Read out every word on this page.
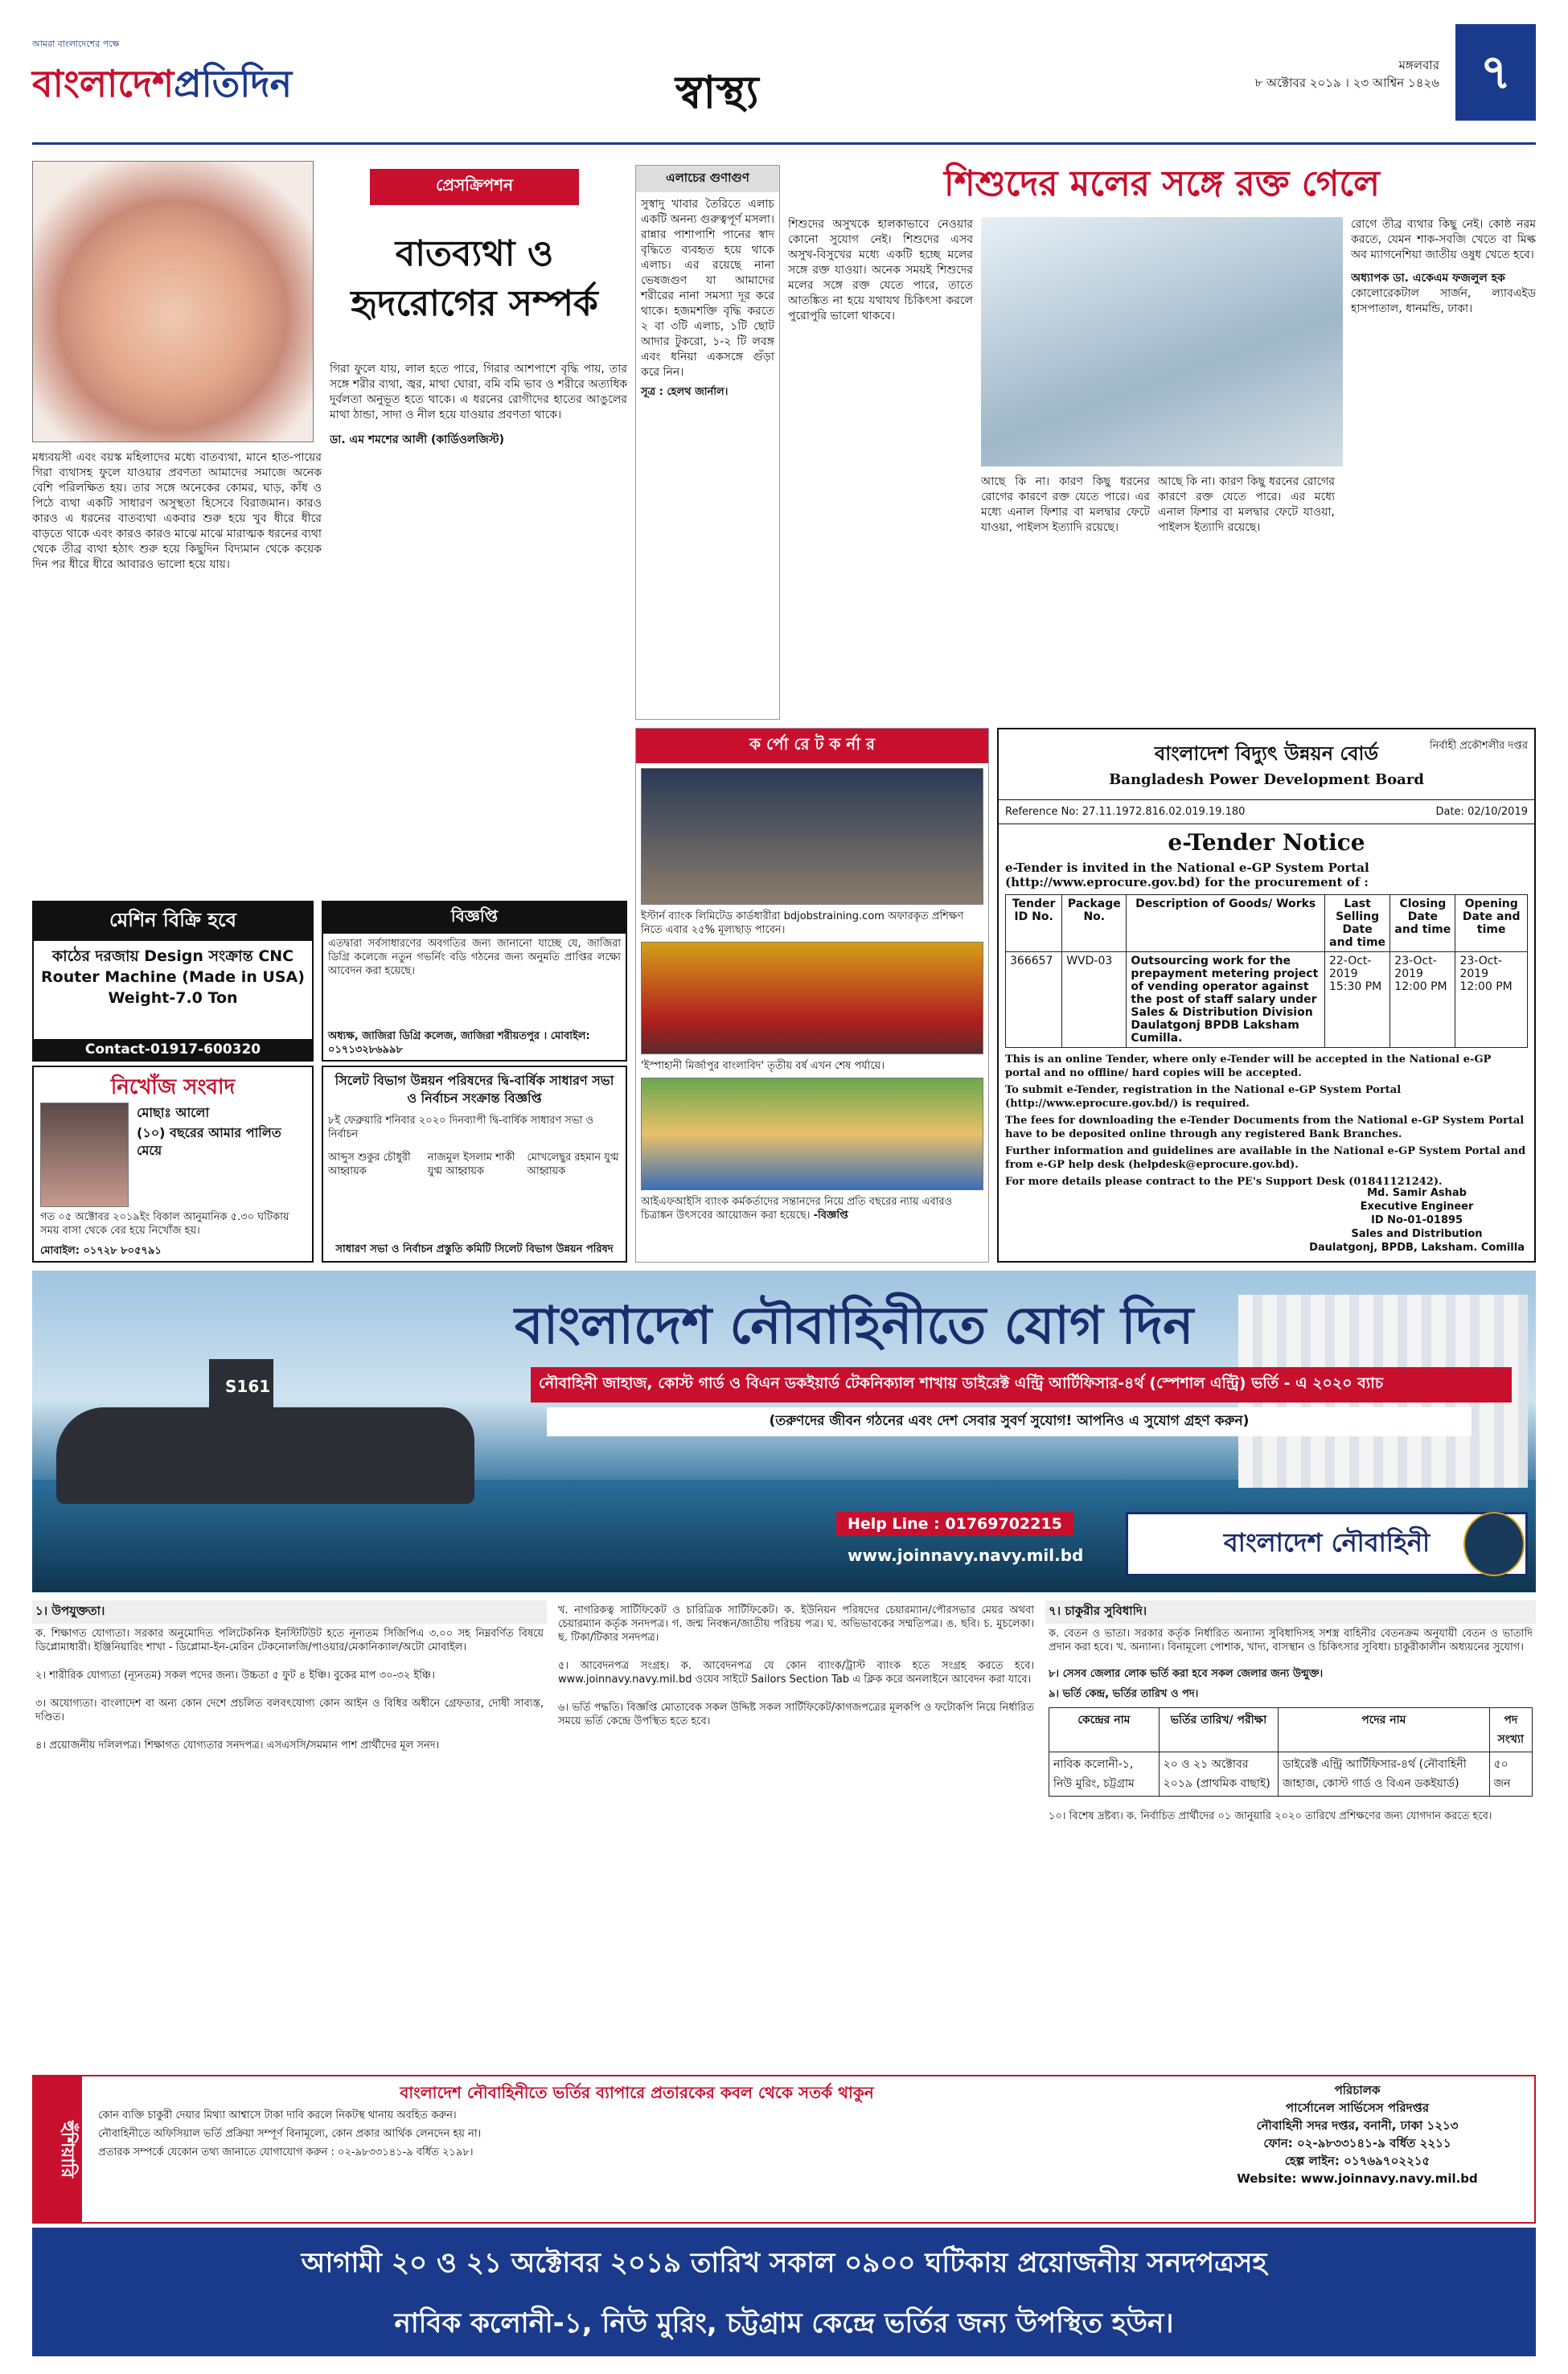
আমরা বাংলাদেশের পক্ষে
বাংলাদেশপ্রতিদিন	স্বাস্থ্য
মঙ্গলবার
৮ অক্টোবর ২০১৯ । ২৩ আশ্বিন ১৪২৬ ৭
প্রেসক্রিপশন
বাতব্যথা ও হৃদরোগের সম্পর্ক
মধ্যবয়সী এবং বয়স্ক মহিলাদের মধ্যে বাতব্যথা, মানে হাত-পায়ের গিরা ব্যথাসহ ফুলে যাওয়ার প্রবণতা আমাদের সমাজে অনেক বেশি পরিলক্ষিত হয়। তার সঙ্গে অনেকের কোমর, ঘাড়, কাঁধ ও পিঠে ব্যথা একটি সাধারণ অসুস্থতা হিসেবে বিরাজমান। কারও কারও এ ধরনের বাতব্যথা একবার শুরু হয়ে খুব ধীরে ধীরে বাড়তে থাকে এবং কারও কারও মাঝে মাঝে মারাত্মক ধরনের ব্যথা থেকে তীব্র ব্যথা হঠাৎ শুরু হয়ে কিছুদিন বিদ্যমান থেকে কয়েক দিন পর ধীরে ধীরে আবারও ভালো হয়ে যায়।
গিরা ফুলে যায়, লাল হতে পারে, গিরার আশপাশে বৃদ্ধি পায়, তার সঙ্গে শরীর ব্যথা, জ্বর, মাথা ঘোরা, বমি বমি ভাব ও শরীরে অত্যধিক দুর্বলতা অনুভূত হতে থাকে। এ ধরনের রোগীদের হাতের আঙুলের মাথা ঠান্ডা, সাদা ও নীল হয়ে যাওয়ার প্রবণতা থাকে।
ডা. এম শমশের আলী (কার্ডিওলজিস্ট)
এলাচের গুণাগুণ
সুস্বাদু খাবার তৈরিতে এলাচ একটি অনন্য গুরুত্বপূর্ণ মসলা। রান্নার পাশাপাশি পানের স্বাদ বৃদ্ধিতে ব্যবহৃত হয়ে থাকে এলাচ। এর রয়েছে নানা ভেষজগুণ যা আমাদের শরীরের নানা সমস্যা দূর করে থাকে। হজমশক্তি বৃদ্ধি করতে ২ বা ৩টি এলাচ, ১টি ছোট আদার টুকরো, ১-২ টি লবঙ্গ এবং ধনিয়া একসঙ্গে গুঁড়া করে নিন।
সূত্র : হেলথ জার্নাল।
শিশুদের মলের সঙ্গে রক্ত গেলে
শিশুদের অসুখকে হালকাভাবে নেওয়ার কোনো সুযোগ নেই। শিশুদের এসব অসুখ-বিসুখের মধ্যে একটি হচ্ছে মলের সঙ্গে রক্ত যাওয়া। অনেক সময়ই শিশুদের মলের সঙ্গে রক্ত যেতে পারে, তাতে আতঙ্কিত না হয়ে যথাযথ চিকিৎসা করলে পুরোপুরি ভালো থাকবে।
আছে কি না। কারণ কিছু ধরনের রোগের কারণে রক্ত যেতে পারে। এর মধ্যে এনাল ফিশার বা মলদ্বার ফেটে যাওয়া, পাইলস ইত্যাদি রয়েছে।
আছে কি না। কারণ কিছু ধরনের রোগের কারণে রক্ত যেতে পারে। এর মধ্যে এনাল ফিশার বা মলদ্বার ফেটে যাওয়া, পাইলস ইত্যাদি রয়েছে।
রোগে তীব্র ব্যথার কিছু নেই। কোষ্ঠ নরম করতে, যেমন শাক-সবজি খেতে বা মিল্ক অব ম্যাগনেশিয়া জাতীয় ওষুধ খেতে হবে।
অধ্যাপক ডা. একেএম ফজলুল হক
কোলোরেকটাল সার্জন, ল্যাবএইড হাসপাতাল, ধানমন্ডি, ঢাকা।
মেশিন বিক্রি হবে
কাঠের দরজায় Design সংক্রান্ত CNC Router Machine (Made in USA) Weight-7.0 Ton
Contact-01917-600320
নিখোঁজ সংবাদ
মোছাঃ আলো
(১০) বছরের আমার পালিত মেয়ে
গত ০৫ অক্টোবর ২০১৯ইং বিকাল আনুমানিক ৫.৩০ ঘটিকায় সময় বাসা থেকে বের হয়ে নিখোঁজ হয়।
মোবাইল: ০১৭২৮ ৮০৫৭৯১
বিজ্ঞপ্তি
এতদ্বারা সর্বসাধারণের অবগতির জন্য জানানো যাচ্ছে যে, জাজিরা ডিগ্রি কলেজে নতুন গভর্নিং বডি গঠনের জন্য অনুমতি প্রাপ্তির লক্ষ্যে আবেদন করা হয়েছে।
অধ্যক্ষ, জাজিরা ডিগ্রি কলেজ, জাজিরা শরীয়তপুর । মোবাইল: ০১৭১৩২৮৬৯৯৮
সিলেট বিভাগ উন্নয়ন পরিষদের দ্বি-বার্ষিক সাধারণ সভা ও নির্বাচন সংক্রান্ত বিজ্ঞপ্তি
৮ই ফেব্রুয়ারি শনিবার ২০২০ দিনব্যাপী দ্বি-বার্ষিক সাধারণ সভা ও নির্বাচন
আব্দুস শুকুর চৌধুরী আহ্বায়ক
নাজমুল ইসলাম শাকী যুগ্ম আহ্বায়ক
মোখলেছুর রহমান যুগ্ম আহ্বায়ক
সাধারণ সভা ও নির্বাচন প্রস্তুতি কমিটি সিলেট বিভাগ উন্নয়ন পরিষদ
ক র্পো রে ট ক র্না র
ইস্টার্ন ব্যাংক লিমিটেড কার্ডধারীরা bdjobstraining.com অফারকৃত প্রশিক্ষণ নিতে এবার ২৫% মূল্যছাড় পাবেন।
'ইস্পাহানী মির্জাপুর বাংলাবিদ' তৃতীয় বর্ষ এখন শেষ পর্যায়ে।
আইএফআইসি ব্যাংক কর্মকর্তাদের সন্তানদের নিয়ে প্রতি বছরের ন্যায় এবারও চিত্রাঙ্কন উৎসবের আয়োজন করা হয়েছে। -বিজ্ঞপ্তি
বাংলাদেশ বিদ্যুৎ উন্নয়ন বোর্ড
Bangladesh Power Development Board
নির্বাহী প্রকৌশলীর দপ্তর
Reference No: 27.11.1972.816.02.019.19.180	Date: 02/10/2019
e-Tender Notice
e-Tender is invited in the National e-GP System Portal (http://www.eprocure.gov.bd) for the procurement of :
Tender ID No.	Package No.	Description of Goods/ Works	Last Selling Date and time	Closing Date and time	Opening Date and time
366657	WVD-03	Outsourcing work for the prepayment metering project of vending operator against the post of staff salary under Sales & Distribution Division Daulatgonj BPDB Laksham Cumilla.	22-Oct-2019 15:30 PM	23-Oct-2019 12:00 PM	23-Oct-2019 12:00 PM

This is an online Tender, where only e-Tender will be accepted in the National e-GP portal and no offline/ hard copies will be accepted.

To submit e-Tender, registration in the National e-GP System Portal (http://www.eprocure.gov.bd/) is required.

The fees for downloading the e-Tender Documents from the National e-GP System Portal have to be deposited online through any registered Bank Branches.

Further information and guidelines are available in the National e-GP System Portal and from e-GP help desk (helpdesk@eprocure.gov.bd).

For more details please contract to the PE's Support Desk (01841121242).

Md. Samir Ashab
Executive Engineer
ID No-01-01895
Sales and Distribution
Daulatgonj, BPDB, Laksham. Comilla
S161
বাংলাদেশ নৌবাহিনীতে যোগ দিন
নৌবাহিনী জাহাজ, কোস্ট গার্ড ও বিএন ডকইয়ার্ড টেকনিক্যাল শাখায় ডাইরেক্ট এন্ট্রি আর্টিফিসার-৪র্থ (স্পেশাল এন্ট্রি) ভর্তি - এ ২০২০ ব্যাচ
(তরুণদের জীবন গঠনের এবং দেশ সেবার সুবর্ণ সুযোগ! আপনিও এ সুযোগ গ্রহণ করুন)
Help Line : 01769702215
www.joinnavy.navy.mil.bd	বাংলাদেশ নৌবাহিনী
১। উপযুক্ততা।
ক. শিক্ষাগত যোগ্যতা। সরকার অনুমোদিত পলিটেকনিক ইনস্টিটিউট হতে নূন্যতম সিজিপিএ ৩.০০ সহ নিম্নবর্ণিত বিষয়ে ডিপ্লোমাধারী। ইঞ্জিনিয়ারিং শাখা - ডিপ্লোমা-ইন-মেরিন টেকনোলজি/পাওয়ার/মেকানিক্যাল/অটো মোবাইল।
২। শারীরিক যোগ্যতা (ন্যূনতম) সকল পদের জন্য। উচ্চতা ৫ ফুট ৪ ইঞ্চি। বুকের মাপ ৩০-৩২ ইঞ্চি।
৩। অযোগ্যতা। বাংলাদেশ বা অন্য কোন দেশে প্রচলিত বলবৎযোগ্য কোন আইন ও বিধির অধীনে গ্রেফতার, দোষী সাব্যস্ত, দণ্ডিত।
৪। প্রয়োজনীয় দলিলপত্র। শিক্ষাগত যোগ্যতার সনদপত্র। এসএসসি/সমমান পাশ প্রার্থীদের মূল সনদ।
খ. নাগরিকত্ব সার্টিফিকেট ও চারিত্রিক সার্টিফিকেট। ক. ইউনিয়ন পরিষদের চেয়ারম্যান/পৌরসভার মেয়র অথবা চেয়ারম্যান কর্তৃক সনদপত্র। গ. জন্ম নিবন্ধন/জাতীয় পরিচয় পত্র। ঘ. অভিভাবকের সম্মতিপত্র। ঙ. ছবি। চ. মুচলেকা। ছ. টিকা/টিকার সনদপত্র।
৫। আবেদনপত্র সংগ্রহ। ক. আবেদনপত্র যে কোন ব্যাংক/ট্রাস্ট ব্যাংক হতে সংগ্রহ করতে হবে। www.joinnavy.navy.mil.bd ওয়েব সাইটে Sailors Section Tab এ ক্লিক করে অনলাইনে আবেদন করা যাবে।
৬। ভর্তি পদ্ধতি। বিজ্ঞপ্তি মোতাবেক সকল উদ্দিষ্ট সকল সার্টিফিকেট/কাগজপত্রের মূলকপি ও ফটোকপি নিয়ে নির্ধারিত সময়ে ভর্তি কেন্দ্রে উপস্থিত হতে হবে।
৭। চাকুরীর সুবিধাদি।
ক. বেতন ও ভাতা। সরকার কর্তৃক নির্ধারিত অন্যান্য সুবিধাদিসহ সশস্ত্র বাহিনীর বেতনক্রম অনুযায়ী বেতন ও ভাতাদি প্রদান করা হবে। খ. অন্যান্য। বিনামূল্যে পোশাক, খাদ্য, বাসস্থান ও চিকিৎসার সুবিধা। চাকুরীকালীন অধ্যয়নের সুযোগ।
৮। সেসব জেলার লোক ভর্তি করা হবে সকল জেলার জন্য উন্মুক্ত।
৯। ভর্তি কেন্দ্র, ভর্তির তারিখ ও পদ।
কেন্দ্রের নাম	ভর্তির তারিখ/ পরীক্ষা	পদের নাম	পদ সংখ্যা
নাবিক কলোনী-১, নিউ মুরিং, চট্টগ্রাম	২০ ও ২১ অক্টোবর ২০১৯ (প্রাথমিক বাছাই)	ডাইরেক্ট এন্ট্রি আর্টিফিসার-৪র্থ (নৌবাহিনী জাহাজ, কোস্ট গার্ড ও বিএন ডকইয়ার্ড)	৫০ জন
১০। বিশেষ দ্রষ্টব্য। ক. নির্বাচিত প্রার্থীদের ০১ জানুয়ারি ২০২০ তারিখে প্রশিক্ষণের জন্য যোগদান করতে হবে।
হুঁশিয়ারি
বাংলাদেশ নৌবাহিনীতে ভর্তির ব্যাপারে প্রতারকের কবল থেকে সতর্ক থাকুন

কোন ব্যক্তি চাকুরী দেয়ার মিথ্যা আশ্বাসে টাকা দাবি করলে নিকটস্থ থানায় অবহিত করুন।

নৌবাহিনীতে অফিসিয়াল ভর্তি প্রক্রিয়া সম্পূর্ণ বিনামূল্যে, কোন প্রকার আর্থিক লেনদেন হয় না।

প্রতারক সম্পর্কে যেকোন তথ্য জানাতে যোগাযোগ করুন : ০২-৯৮৩৩১৪১-৯ বর্ধিত ২১৯৮।

পরিচালক
পার্সোনেল সার্ভিসেস পরিদপ্তর
নৌবাহিনী সদর দপ্তর, বনানী, ঢাকা ১২১৩
ফোন: ০২-৯৮৩৩১৪১-৯ বর্ধিত ২২১১
হেল্প লাইন: ০১৭৬৯৭০২২১৫
Website: www.joinnavy.navy.mil.bd
আগামী ২০ ও ২১ অক্টোবর ২০১৯ তারিখ সকাল ০৯০০ ঘটিকায় প্রয়োজনীয় সনদপত্রসহ
নাবিক কলোনী-১, নিউ মুরিং, চট্টগ্রাম কেন্দ্রে ভর্তির জন্য উপস্থিত হউন।
